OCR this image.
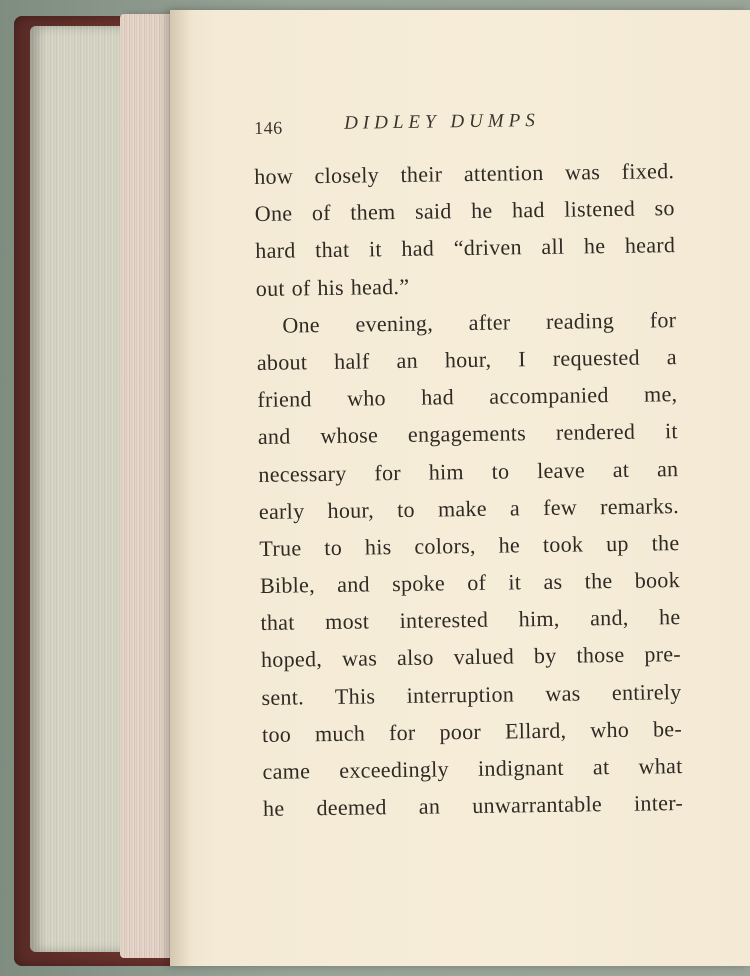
146	DIDLEY DUMPS
how closely their attention was fixed.
One of them said he had listened so
hard that it had “driven all he heard
out of his head.”
One evening, after reading for
about half an hour, I requested a
friend who had accompanied me,
and whose engagements rendered it
necessary for him to leave at an
early hour, to make a few remarks.
True to his colors, he took up the
Bible, and spoke of it as the book
that most interested him, and, he
hoped, was also valued by those pre-
sent. This interruption was entirely
too much for poor Ellard, who be-
came exceedingly indignant at what
he deemed an unwarrantable inter-
